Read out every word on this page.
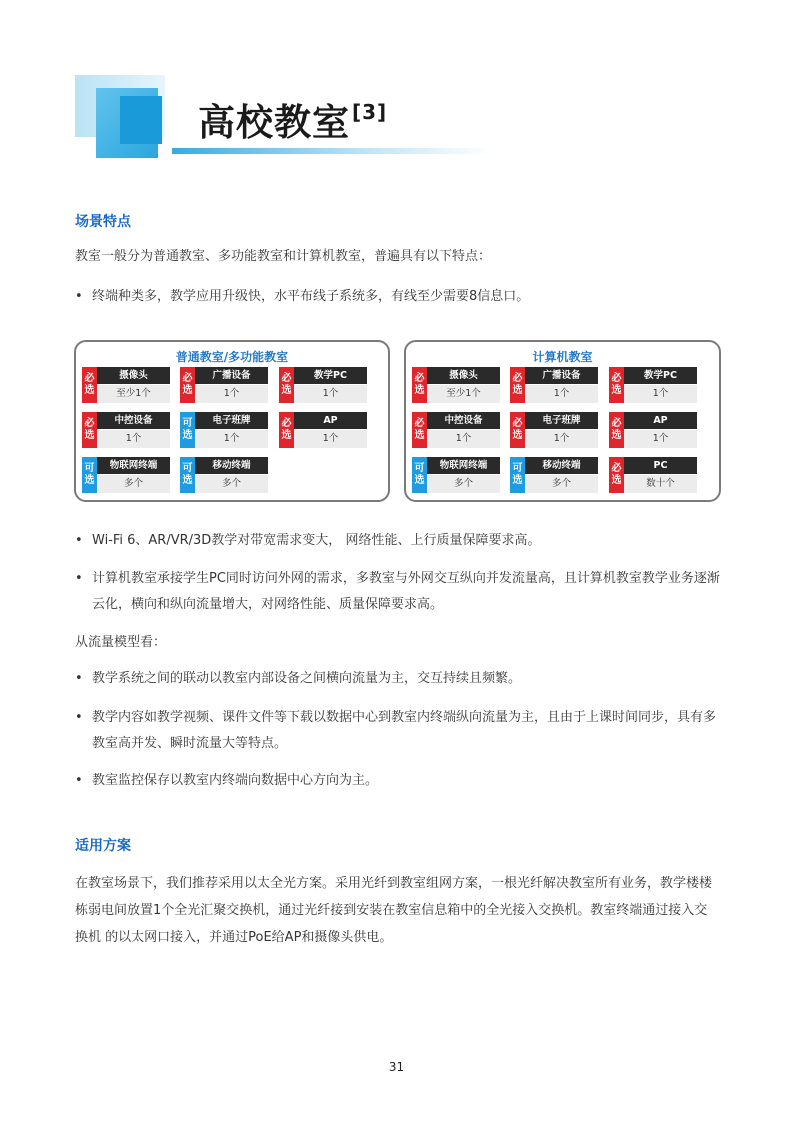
高校教室 [3]
场景特点
教室一般分为普通教室、多功能教室和计算机教室，普遍具有以下特点：
• 终端种类多，教学应用升级快，水平布线子系统多，有线至少需要8信息口。
普通教室/多功能教室
必
选
摄像头
至少1个
必
选
广播设备
1个
必
选
教学PC
1个
必
选
中控设备
1个
可
选
电子班牌
1个
必
选
AP
1个
可
选
物联网终端
多个
可
选
移动终端
多个
计算机教室
必
选
摄像头
至少1个
必
选
广播设备
1个
必
选
教学PC
1个
必
选
中控设备
1个
必
选
电子班牌
1个
必
选
AP
1个
可
选
物联网终端
多个
可
选
移动终端
多个
必
选
PC
数十个
• Wi-Fi 6、AR/VR/3D教学对带宽需求变大， 网络性能、上行质量保障要求高。
• 计算机教室承接学生PC同时访问外网的需求，多教室与外网交互纵向并发流量高，且计算机教室教学业务逐渐云化，横向和纵向流量增大，对网络性能、质量保障要求高。
从流量模型看：
• 教学系统之间的联动以教室内部设备之间横向流量为主，交互持续且频繁。
• 教学内容如教学视频、课件文件等下载以数据中心到教室内终端纵向流量为主，且由于上课时间同步，具有多教室高并发、瞬时流量大等特点。
• 教室监控保存以教室内终端向数据中心方向为主。
适用方案
在教室场景下，我们推荐采用以太全光方案。采用光纤到教室组网方案，一根光纤解决教室所有业务，教学楼楼栋弱电间放置1个全光汇聚交换机，通过光纤接到安装在教室信息箱中的全光接入交换机。教室终端通过接入交换机 的以太网口接入，并通过PoE给AP和摄像头供电。
31
